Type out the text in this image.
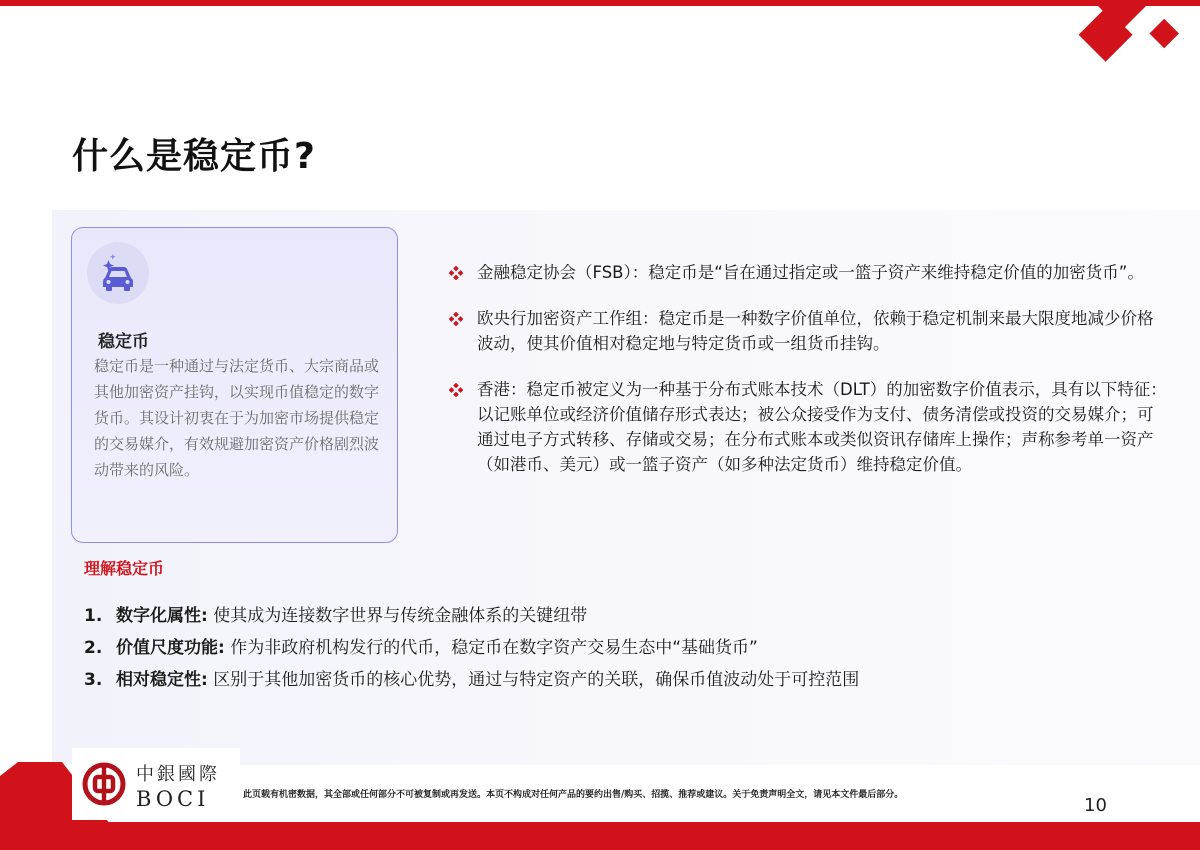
什么是稳定币?
稳定币

稳定币是一种通过与法定货币、大宗商品或其他加密资产挂钩，以实现币值稳定的数字货币。其设计初衷在于为加密市场提供稳定的交易媒介，有效规避加密资产价格剧烈波动带来的风险。

金融稳定协会（FSB）：稳定币是“旨在通过指定或一篮子资产来维持稳定价值的加密货币”。
欧央行加密资产工作组：稳定币是一种数字价值单位，依赖于稳定机制来最大限度地减少价格波动，使其价值相对稳定地与特定货币或一组货币挂钩。
香港：稳定币被定义为一种基于分布式账本技术（DLT）的加密数字价值表示，具有以下特征：以记账单位或经济价值储存形式表达；被公众接受作为支付、债务清偿或投资的交易媒介；可通过电子方式转移、存储或交易；在分布式账本或类似资讯存储库上操作；声称参考单一资产（如港币、美元）或一篮子资产（如多种法定货币）维持稳定价值。
理解稳定币
1. 数字化属性: 使其成为连接数字世界与传统金融体系的关键纽带
2. 价值尺度功能: 作为非政府机构发行的代币，稳定币在数字资产交易生态中“基础货币”
3. 相对稳定性: 区别于其他加密货币的核心优势，通过与特定资产的关联，确保币值波动处于可控范围
中銀國際
BOCI	此页载有机密数据，其全部或任何部分不可被复制或再发送。本页不构成对任何产品的要约出售/购买、招揽、推荐或建议。关于免责声明全文，请见本文件最后部分。	10
